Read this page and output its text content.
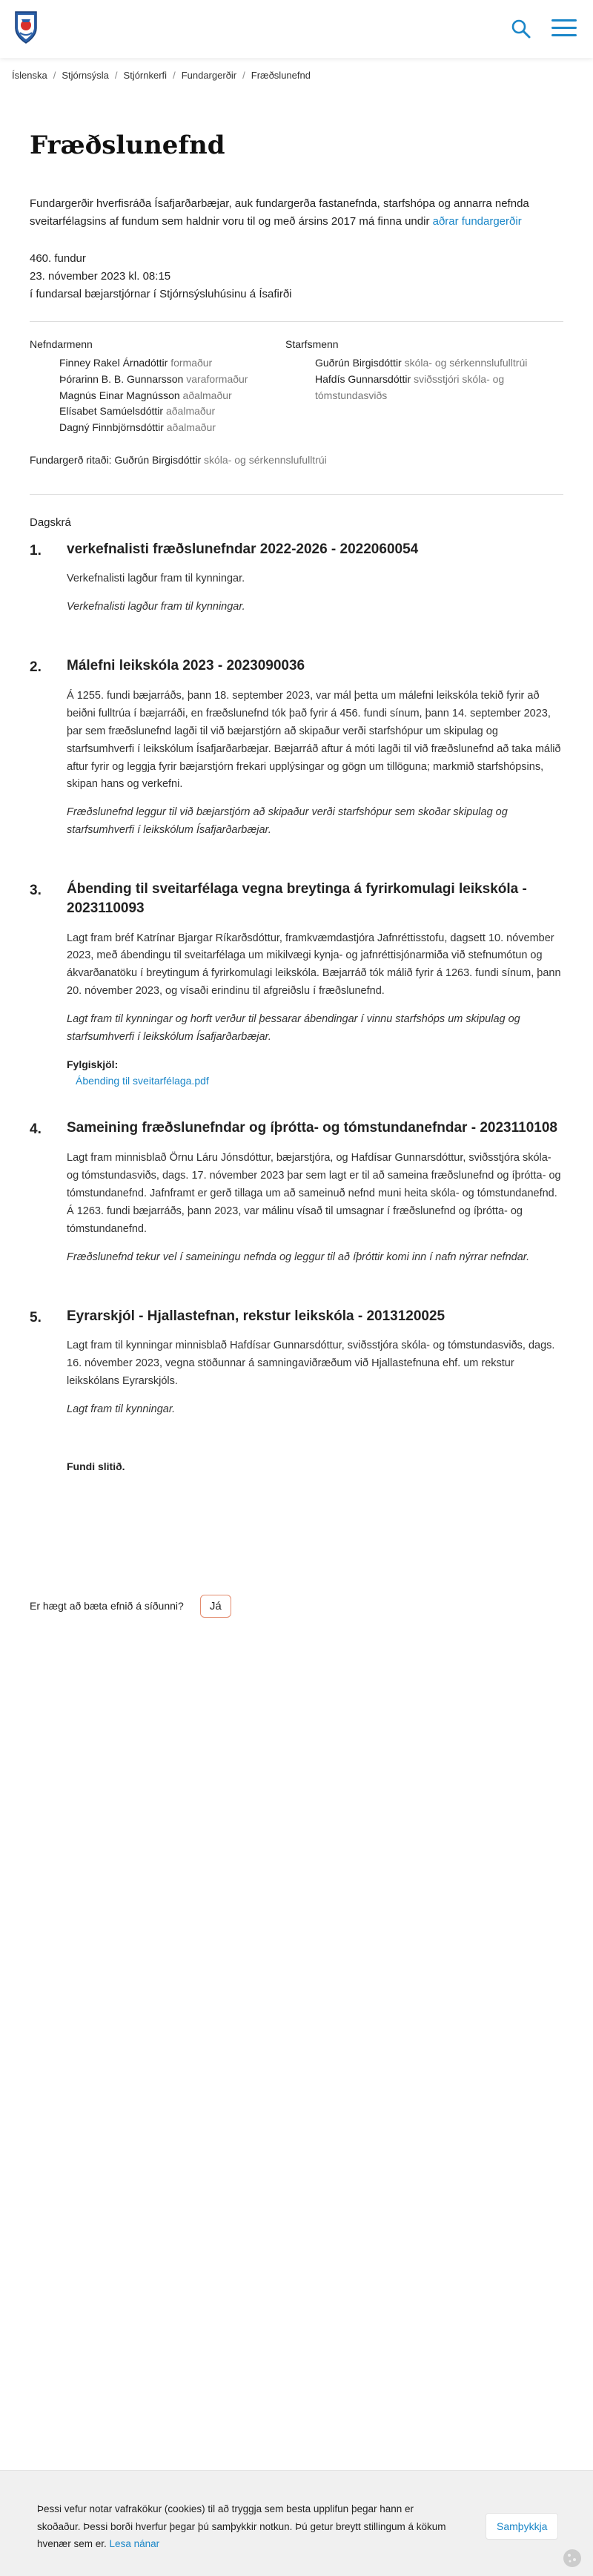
Íslenska / Stjórnsýsla / Stjórnkerfi / Fundargerðir / Fræðslunefnd
Fræðslunefnd

Fundargerðir hverfisráða Ísafjarðarbæjar, auk fundargerða fastanefnda, starfshópa og annarra nefnda sveitarfélagsins af fundum sem haldnir voru til og með ársins 2017 má finna undir aðrar fundargerðir

460. fundur
23. nóvember 2023 kl. 08:15
í fundarsal bæjarstjórnar í Stjórnsýsluhúsinu á Ísafirði
Nefndarmenn
Finney Rakel Árnadóttir formaður
Þórarinn B. B. Gunnarsson varaformaður
Magnús Einar Magnússon aðalmaður
Elísabet Samúelsdóttir aðalmaður
Dagný Finnbjörnsdóttir aðalmaður
Starfsmenn
Guðrún Birgisdóttir skóla- og sérkennslufulltrúi
Hafdís Gunnarsdóttir sviðsstjóri skóla- og tómstundasviðs
Fundargerð ritaði: Guðrún Birgisdóttir skóla- og sérkennslufulltrúi
Dagskrá
1.	verkefnalisti fræðslunefndar 2022-2026 - 2022060054

Verkefnalisti lagður fram til kynningar.

Verkefnalisti lagður fram til kynningar.

2.	Málefni leikskóla 2023 - 2023090036

Á 1255. fundi bæjarráðs, þann 18. september 2023, var mál þetta um málefni leikskóla tekið fyrir að beiðni fulltrúa í bæjarráði, en fræðslunefnd tók það fyrir á 456. fundi sínum, þann 14. september 2023, þar sem fræðslunefnd lagði til við bæjarstjórn að skipaður verði starfshópur um skipulag og starfsumhverfi í leikskólum Ísafjarðarbæjar. Bæjarráð aftur á móti lagði til við fræðslunefnd að taka málið aftur fyrir og leggja fyrir bæjarstjórn frekari upplýsingar og gögn um tillöguna; markmið starfshópsins, skipan hans og verkefni.

Fræðslunefnd leggur til við bæjarstjórn að skipaður verði starfshópur sem skoðar skipulag og starfsumhverfi í leikskólum Ísafjarðarbæjar.

3.	Ábending til sveitarfélaga vegna breytinga á fyrirkomulagi leikskóla - 2023110093

Lagt fram bréf Katrínar Bjargar Ríkarðsdóttur, framkvæmdastjóra Jafnréttisstofu, dagsett 10. nóvember 2023, með ábendingu til sveitarfélaga um mikilvægi kynja- og jafnréttisjónarmiða við stefnumótun og ákvarðanatöku í breytingum á fyrirkomulagi leikskóla. Bæjarráð tók málið fyrir á 1263. fundi sínum, þann 20. nóvember 2023, og vísaði erindinu til afgreiðslu í fræðslunefnd.

Lagt fram til kynningar og horft verður til þessarar ábendingar í vinnu starfshóps um skipulag og starfsumhverfi í leikskólum Ísafjarðarbæjar.

Fylgiskjöl:
Ábending til sveitarfélaga.pdf
4.	Sameining fræðslunefndar og íþrótta- og tómstundanefndar - 2023110108

Lagt fram minnisblað Örnu Láru Jónsdóttur, bæjarstjóra, og Hafdísar Gunnarsdóttur, sviðsstjóra skóla- og tómstundasviðs, dags. 17. nóvember 2023 þar sem lagt er til að sameina fræðslunefnd og íþrótta- og tómstundanefnd. Jafnframt er gerð tillaga um að sameinuð nefnd muni heita skóla- og tómstundanefnd. Á 1263. fundi bæjarráðs, þann 2023, var málinu vísað til umsagnar í fræðslunefnd og íþrótta- og tómstundanefnd.

Fræðslunefnd tekur vel í sameiningu nefnda og leggur til að íþróttir komi inn í nafn nýrrar nefndar.

5.	Eyrarskjól - Hjallastefnan, rekstur leikskóla - 2013120025

Lagt fram til kynningar minnisblað Hafdísar Gunnarsdóttur, sviðsstjóra skóla- og tómstundasviðs, dags. 16. nóvember 2023, vegna stöðunnar á samningaviðræðum við Hjallastefnuna ehf. um rekstur leikskólans Eyrarskjóls.

Lagt fram til kynningar.

Fundi slitið.
Er hægt að bæta efnið á síðunni?	Já

Þessi vefur notar vafrakökur (cookies) til að tryggja sem besta upplifun þegar hann er skoðaður. Þessi borði hverfur þegar þú samþykkir notkun. Þú getur breytt stillingum á kökum hvenær sem er. Lesa nánar

Samþykkja
